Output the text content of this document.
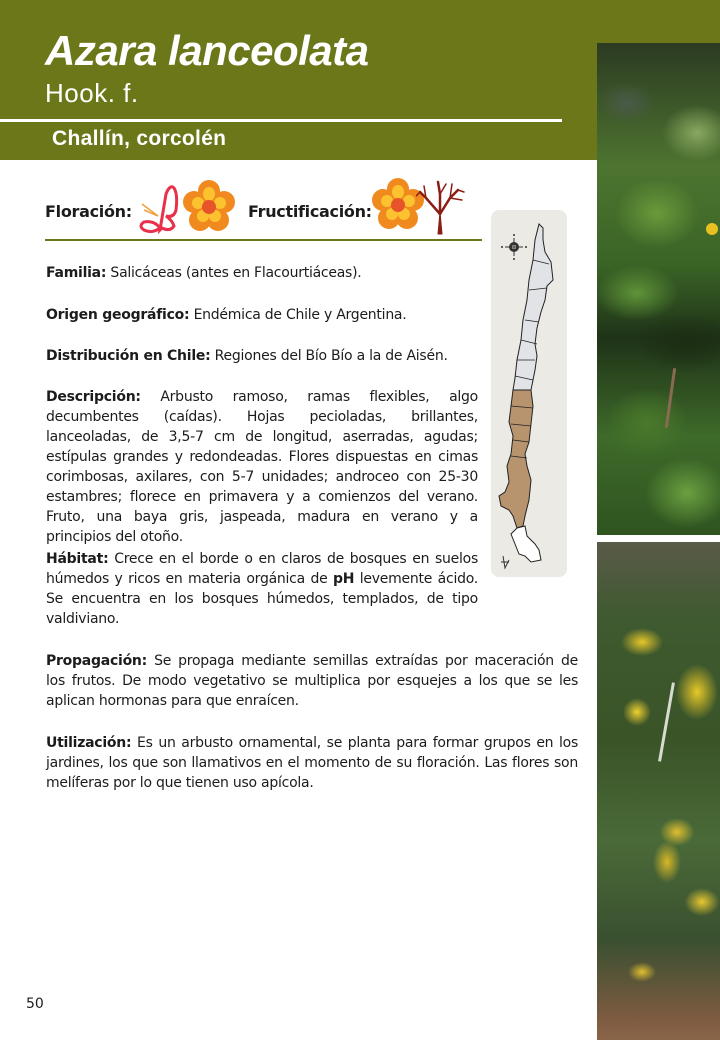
Azara lanceolata
Hook. f.
Challín, corcolén
Floración:	Fructificación:

Familia: Salicáceas (antes en Flacourtiáceas).

Origen geográfico: Endémica de Chile y Argentina.

Distribución en Chile: Regiones del Bío Bío a la de Aisén.

Descripción: Arbusto ramoso, ramas flexibles, algo decumbentes (caídas). Hojas pecioladas, brillantes, lanceoladas, de 3,5-7 cm de longitud, aserradas, agudas; estípulas grandes y redondeadas. Flores dispuestas en cimas corimbosas, axilares, con 5-7 unidades; androceo con 25-30 estambres; florece en primavera y a comienzos del verano. Fruto, una baya gris, jaspeada, madura en verano y a principios del otoño.

Hábitat: Crece en el borde o en claros de bosques en suelos húmedos y ricos en materia orgánica de pH levemente ácido. Se encuentra en los bosques húmedos, templados, de tipo valdiviano.

Propagación: Se propaga mediante semillas extraídas por maceración de los frutos. De modo vegetativo se multiplica por esquejes a los que se les aplican hormonas para que enraícen.

Utilización: Es un arbusto ornamental, se planta para formar grupos en los jardines, los que son llamativos en el momento de su floración. Las flores son melíferas por lo que tienen uso apícola.

50
